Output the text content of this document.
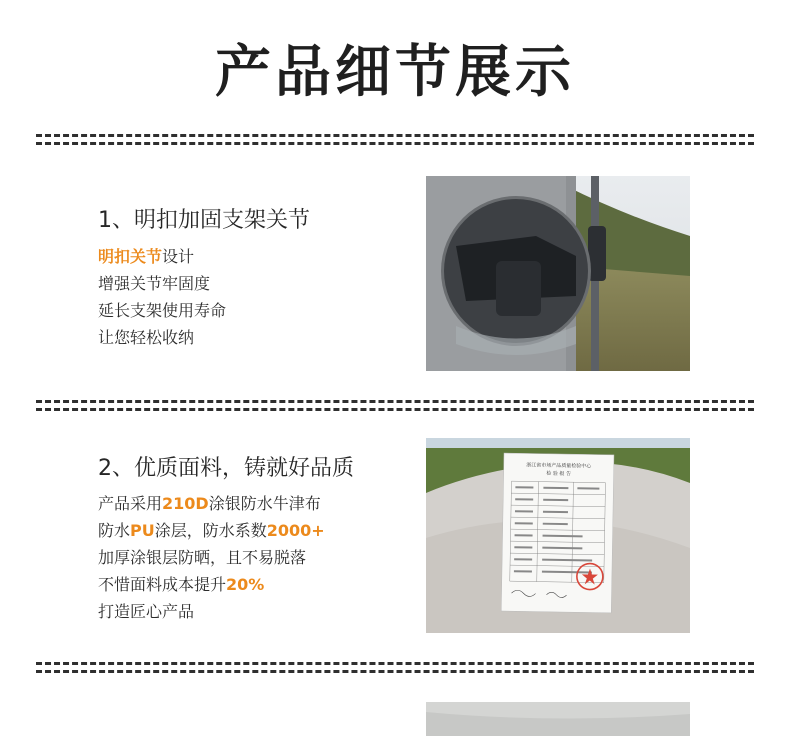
产品细节展示
1、明扣加固支架关节
明扣关节设计
增强关节牢固度
延长支架使用寿命
让您轻松收纳
2、优质面料，铸就好品质
产品采用210D涂银防水牛津布
防水PU涂层，防水系数2000+
加厚涂银层防晒，且不易脱落
不惜面料成本提升20%
打造匠心产品
浙江省市场产品质量检验中心
检 验 报 告
